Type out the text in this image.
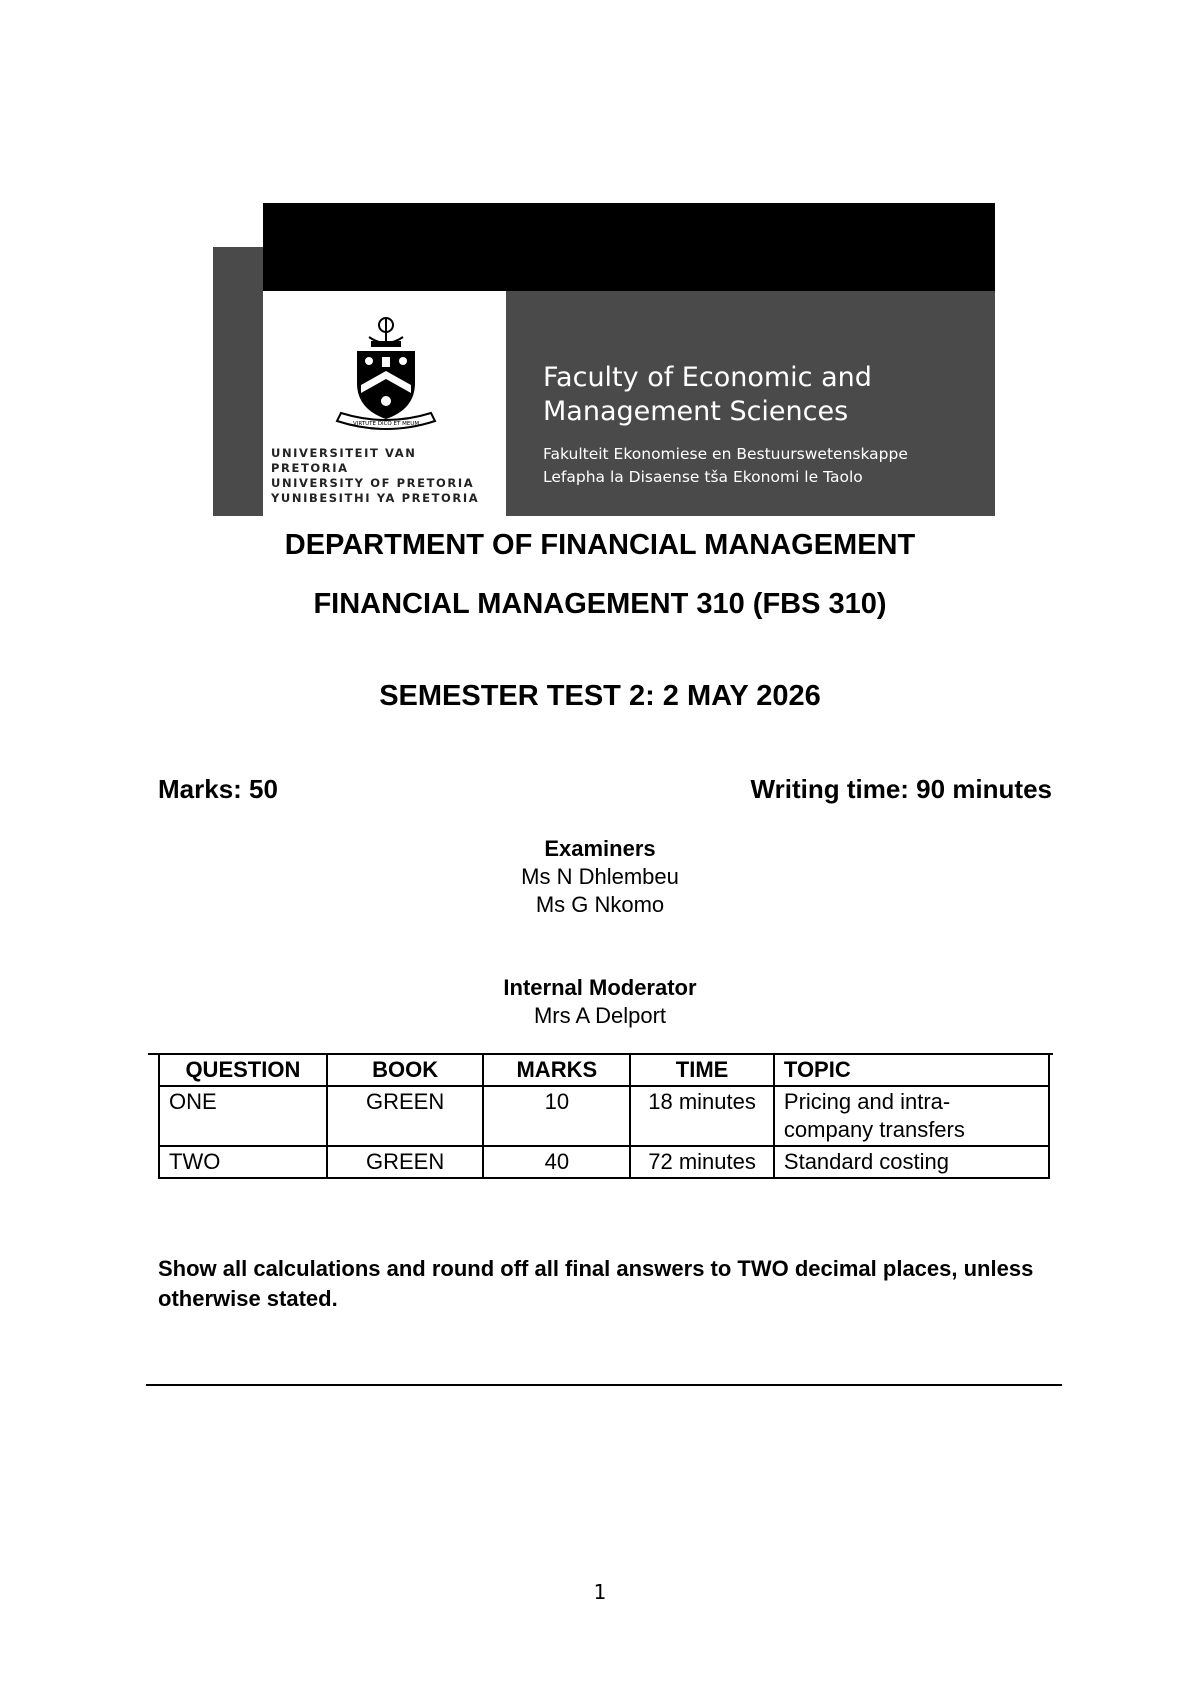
VIRTUTE DICO ET MEUM
UNIVERSITEIT VAN PRETORIA
UNIVERSITY OF PRETORIA
YUNIBESITHI YA PRETORIA
Faculty of Economic and
Management Sciences
Fakulteit Ekonomiese en Bestuurswetenskappe
Lefapha la Disaense tša Ekonomi le Taolo
DEPARTMENT OF FINANCIAL MANAGEMENT
FINANCIAL MANAGEMENT 310 (FBS 310)
SEMESTER TEST 2: 2 MAY 2026
Marks: 50	Writing time: 90 minutes
Examiners
Ms N Dhlembeu
Ms G Nkomo
Internal Moderator
Mrs A Delport
QUESTION	BOOK	MARKS	TIME	TOPIC
ONE	GREEN	10	18 minutes	Pricing and intra-company transfers
TWO	GREEN	40	72 minutes	Standard costing
Show all calculations and round off all final answers to TWO decimal places, unless otherwise stated.
1
